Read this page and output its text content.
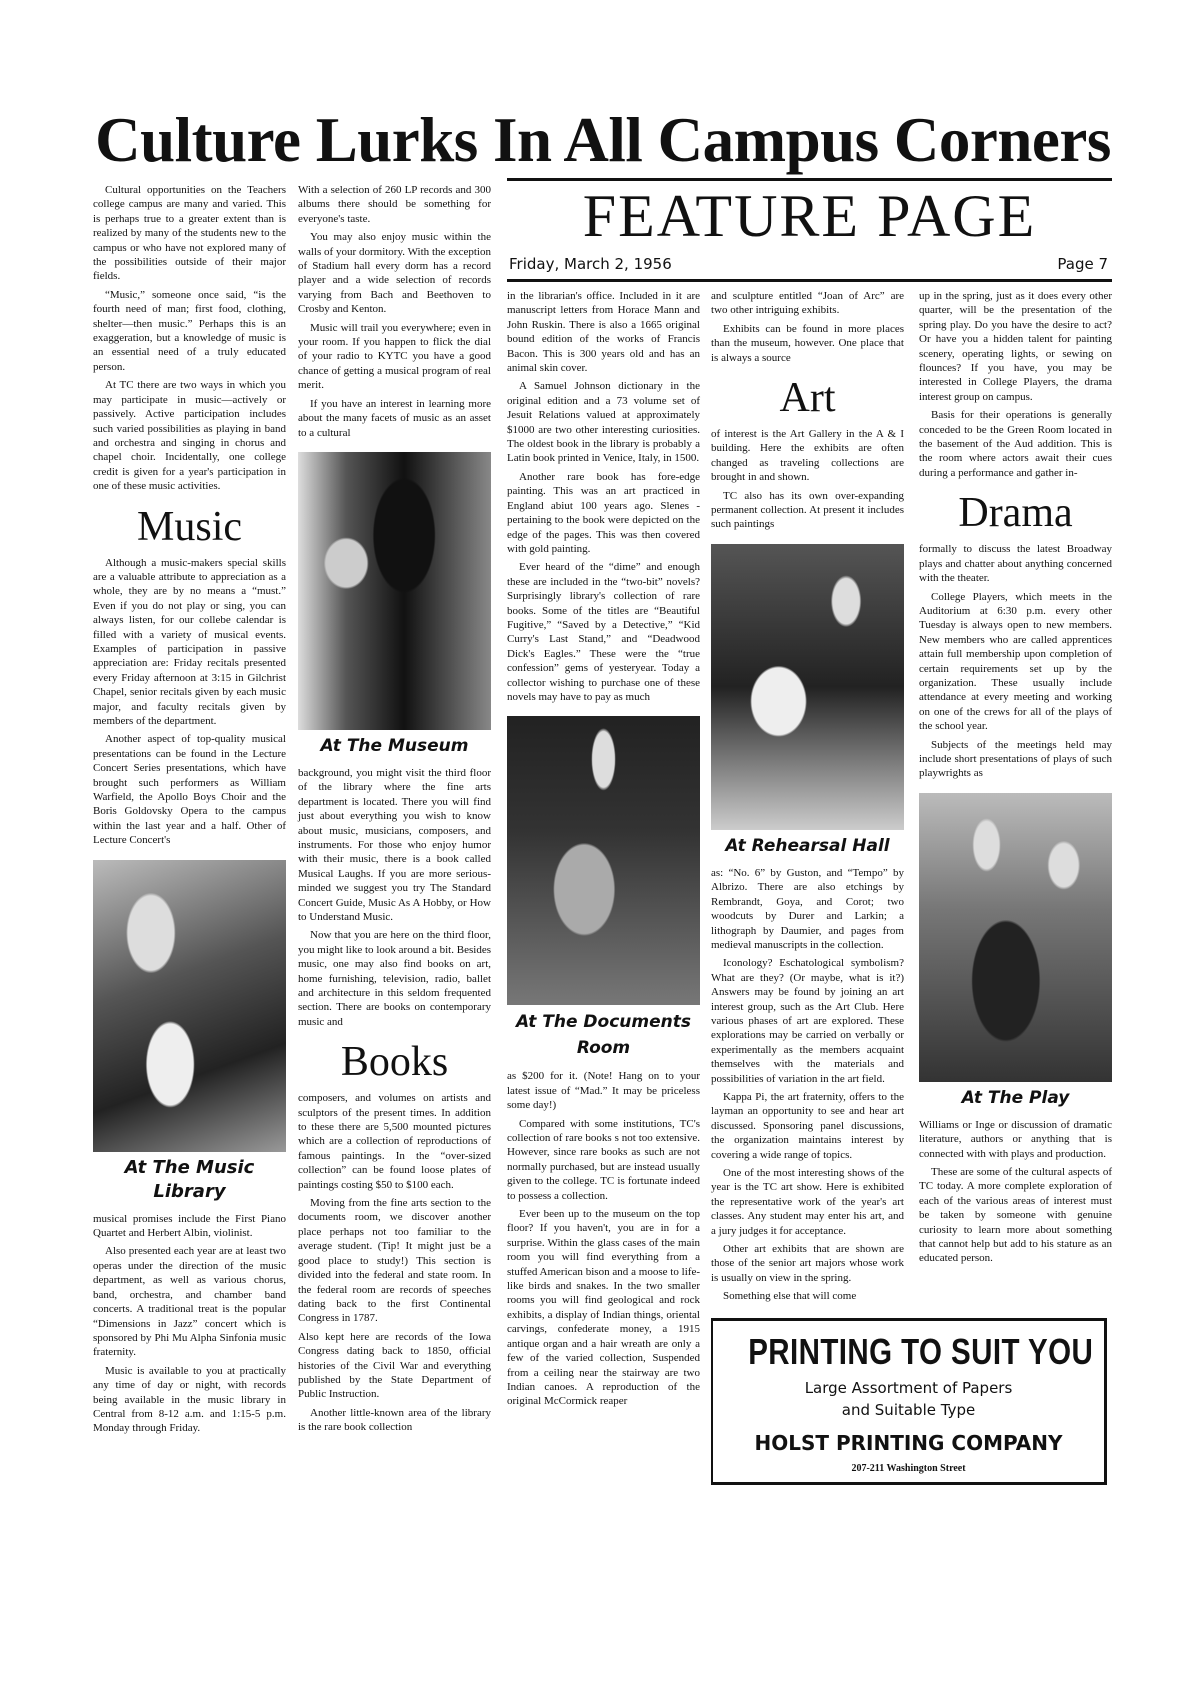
Culture Lurks In All Campus Corners
FEATURE PAGE
Friday, March 2, 1956	Page 7

Cultural opportunities on the Teachers college campus are many and varied. This is perhaps true to a greater extent than is realized by many of the students new to the campus or who have not explored many of the possibilities outside of their major fields.

“Music,” someone once said, “is the fourth need of man; first food, clothing, shelter—then music.” Perhaps this is an exaggeration, but a knowledge of music is an essential need of a truly educated person.

At TC there are two ways in which you may participate in music—actively or passively. Active participation includes such varied possibilities as playing in band and orchestra and singing in chorus and chapel choir. Incidentally, one college credit is given for a year's participation in one of these music activities.

Music

Although a music-makers special skills are a valuable attribute to appreciation as a whole, they are by no means a “must.” Even if you do not play or sing, you can always listen, for our collebe calendar is filled with a variety of musical events. Examples of participation in passive appreciation are: Friday recitals presented every Friday afternoon at 3:15 in Gilchrist Chapel, senior recitals given by each music major, and faculty recitals given by members of the department.

Another aspect of top-quality musical presentations can be found in the Lecture Concert Series presentations, which have brought such performers as William Warfield, the Apollo Boys Choir and the Boris Goldovsky Opera to the campus within the last year and a half. Other of Lecture Concert's

At The Music Library

musical promises include the First Piano Quartet and Herbert Albin, violinist.

Also presented each year are at least two operas under the direction of the music department, as well as various chorus, band, orchestra, and chamber band concerts. A traditional treat is the popular “Dimensions in Jazz” concert which is sponsored by Phi Mu Alpha Sinfonia music fraternity.

Music is available to you at practically any time of day or night, with records being available in the music library in Central from 8-12 a.m. and 1:15-5 p.m. Monday through Friday.

With a selection of 260 LP records and 300 albums there should be something for everyone's taste.

You may also enjoy music within the walls of your dormitory. With the exception of Stadium hall every dorm has a record player and a wide selection of records varying from Bach and Beethoven to Crosby and Kenton.

Music will trail you everywhere; even in your room. If you happen to flick the dial of your radio to KYTC you have a good chance of getting a musical program of real merit.

If you have an interest in learning more about the many facets of music as an asset to a cultural

At The Museum

background, you might visit the third floor of the library where the fine arts department is located. There you will find just about everything you wish to know about music, musicians, composers, and instruments. For those who enjoy humor with their music, there is a book called Musical Laughs. If you are more serious-minded we suggest you try The Standard Concert Guide, Music As A Hobby, or How to Understand Music.

Now that you are here on the third floor, you might like to look around a bit. Besides music, one may also find books on art, home furnishing, television, radio, ballet and architecture in this seldom frequented section. There are books on contemporary music and

Books

composers, and volumes on artists and sculptors of the present times. In addition to these there are 5,500 mounted pictures which are a collection of reproductions of famous paintings. In the “over-sized collection” can be found loose plates of paintings costing $50 to $100 each.

Moving from the fine arts section to the documents room, we discover another place perhaps not too familiar to the average student. (Tip! It might just be a good place to study!) This section is divided into the federal and state room. In the federal room are records of speeches dating back to the first Continental Congress in 1787.

Also kept here are records of the Iowa Congress dating back to 1850, official histories of the Civil War and everything published by the State Department of Public Instruction.

Another little-known area of the library is the rare book collection

in the librarian's office. Included in it are manuscript letters from Horace Mann and John Ruskin. There is also a 1665 original bound edition of the works of Francis Bacon. This is 300 years old and has an animal skin cover.

A Samuel Johnson dictionary in the original edition and a 73 volume set of Jesuit Relations valued at approximately $1000 are two other interesting curiosities. The oldest book in the library is probably a Latin book printed in Venice, Italy, in 1500.

Another rare book has fore-edge painting. This was an art practiced in England abiut 100 years ago. Slenes -pertaining to the book were depicted on the edge of the pages. This was then covered with gold painting.

Ever heard of the “dime” and enough these are included in the “two-bit” novels? Surprisingly library's collection of rare books. Some of the titles are “Beautiful Fugitive,” “Saved by a Detective,” “Kid Curry's Last Stand,” and “Deadwood Dick's Eagles.” These were the “true confession” gems of yesteryear. Today a collector wishing to purchase one of these novels may have to pay as much

At The Documents Room

as $200 for it. (Note! Hang on to your latest issue of “Mad.” It may be priceless some day!)

Compared with some institutions, TC's collection of rare books s not too extensive. However, since rare books as such are not normally purchased, but are instead usually given to the college. TC is fortunate indeed to possess a collection.

Ever been up to the museum on the top floor? If you haven't, you are in for a surprise. Within the glass cases of the main room you will find everything from a stuffed American bison and a moose to life-like birds and snakes. In the two smaller rooms you will find geological and rock exhibits, a display of Indian things, oriental carvings, confederate money, a 1915 antique organ and a hair wreath are only a few of the varied collection, Suspended from a ceiling near the stairway are two Indian canoes. A reproduction of the original McCormick reaper

and sculpture entitled “Joan of Arc” are two other intriguing exhibits.

Exhibits can be found in more places than the museum, however. One place that is always a source

Art

of interest is the Art Gallery in the A & I building. Here the exhibits are often changed as traveling collections are brought in and shown.

TC also has its own over-expanding permanent collection. At present it includes such paintings

At Rehearsal Hall

as: “No. 6” by Guston, and “Tempo” by Albrizo. There are also etchings by Rembrandt, Goya, and Corot; two woodcuts by Durer and Larkin; a lithograph by Daumier, and pages from medieval manuscripts in the collection.

Iconology? Eschatological symbolism? What are they? (Or maybe, what is it?) Answers may be found by joining an art interest group, such as the Art Club. Here various phases of art are explored. These explorations may be carried on verbally or experimentally as the members acquaint themselves with the materials and possibilities of variation in the art field.

Kappa Pi, the art fraternity, offers to the layman an opportunity to see and hear art discussed. Sponsoring panel discussions, the organization maintains interest by covering a wide range of topics.

One of the most interesting shows of the year is the TC art show. Here is exhibited the representative work of the year's art classes. Any student may enter his art, and a jury judges it for acceptance.

Other art exhibits that are shown are those of the senior art majors whose work is usually on view in the spring.

Something else that will come

PRINTING TO SUIT YOU
Large Assortment of Papers
and Suitable Type
HOLST PRINTING COMPANY
207-211 Washington Street

up in the spring, just as it does every other quarter, will be the presentation of the spring play. Do you have the desire to act? Or have you a hidden talent for painting scenery, operating lights, or sewing on flounces? If you have, you may be interested in College Players, the drama interest group on campus.

Basis for their operations is generally conceded to be the Green Room located in the basement of the Aud addition. This is the room where actors await their cues during a performance and gather in-

Drama

formally to discuss the latest Broadway plays and chatter about anything concerned with the theater.

College Players, which meets in the Auditorium at 6:30 p.m. every other Tuesday is always open to new members. New members who are called apprentices attain full membership upon completion of certain requirements set up by the organization. These usually include attendance at every meeting and working on one of the crews for all of the plays of the school year.

Subjects of the meetings held may include short presentations of plays of such playwrights as

At The Play

Williams or Inge or discussion of dramatic literature, authors or anything that is connected with with plays and production.

These are some of the cultural aspects of TC today. A more complete exploration of each of the various areas of interest must be taken by someone with genuine curiosity to learn more about something that cannot help but add to his stature as an educated person.
